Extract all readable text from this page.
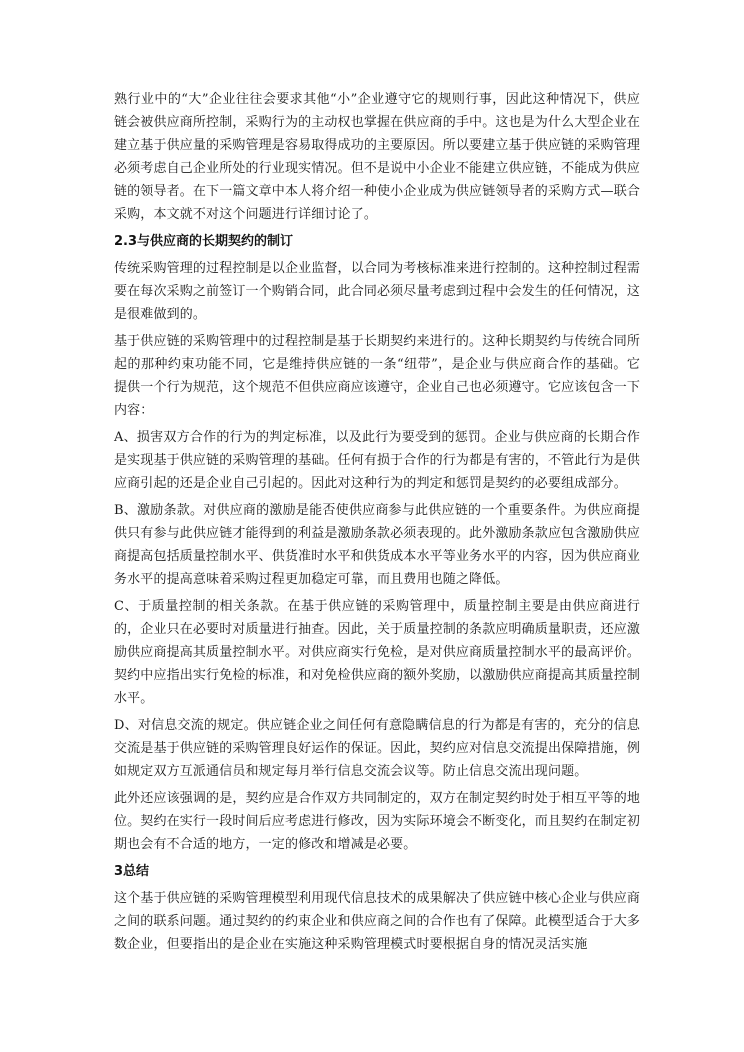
熟行业中的“大”企业往往会要求其他“小”企业遵守它的规则行事，因此这种情况下，供应链会被供应商所控制，采购行为的主动权也掌握在供应商的手中。这也是为什么大型企业在建立基于供应量的采购管理是容易取得成功的主要原因。所以要建立基于供应链的采购管理必须考虑自己企业所处的行业现实情况。但不是说中小企业不能建立供应链，不能成为供应链的领导者。在下一篇文章中本人将介绍一种使小企业成为供应链领导者的采购方式—联合采购，本文就不对这个问题进行详细讨论了。

2.3与供应商的长期契约的制订

传统采购管理的过程控制是以企业监督，以合同为考核标准来进行控制的。这种控制过程需要在每次采购之前签订一个购销合同，此合同必须尽量考虑到过程中会发生的任何情况，这是很难做到的。

基于供应链的采购管理中的过程控制是基于长期契约来进行的。这种长期契约与传统合同所起的那种约束功能不同，它是维持供应链的一条“纽带”，是企业与供应商合作的基础。它提供一个行为规范，这个规范不但供应商应该遵守，企业自己也必须遵守。它应该包含一下内容：

A、损害双方合作的行为的判定标准，以及此行为要受到的惩罚。企业与供应商的长期合作是实现基于供应链的采购管理的基础。任何有损于合作的行为都是有害的，不管此行为是供应商引起的还是企业自己引起的。因此对这种行为的判定和惩罚是契约的必要组成部分。

B、激励条款。对供应商的激励是能否使供应商参与此供应链的一个重要条件。为供应商提供只有参与此供应链才能得到的利益是激励条款必须表现的。此外激励条款应包含激励供应商提高包括质量控制水平、供货准时水平和供货成本水平等业务水平的内容，因为供应商业务水平的提高意味着采购过程更加稳定可靠，而且费用也随之降低。

C、于质量控制的相关条款。在基于供应链的采购管理中，质量控制主要是由供应商进行的，企业只在必要时对质量进行抽查。因此，关于质量控制的条款应明确质量职责，还应激励供应商提高其质量控制水平。对供应商实行免检，是对供应商质量控制水平的最高评价。契约中应指出实行免检的标准，和对免检供应商的额外奖励，以激励供应商提高其质量控制水平。

D、对信息交流的规定。供应链企业之间任何有意隐瞒信息的行为都是有害的，充分的信息交流是基于供应链的采购管理良好运作的保证。因此，契约应对信息交流提出保障措施，例如规定双方互派通信员和规定每月举行信息交流会议等。防止信息交流出现问题。

此外还应该强调的是，契约应是合作双方共同制定的，双方在制定契约时处于相互平等的地位。契约在实行一段时间后应考虑进行修改，因为实际环境会不断变化，而且契约在制定初期也会有不合适的地方，一定的修改和增减是必要。

3总结

这个基于供应链的采购管理模型利用现代信息技术的成果解决了供应链中核心企业与供应商之间的联系问题。通过契约的约束企业和供应商之间的合作也有了保障。此模型适合于大多数企业，但要指出的是企业在实施这种采购管理模式时要根据自身的情况灵活实施
